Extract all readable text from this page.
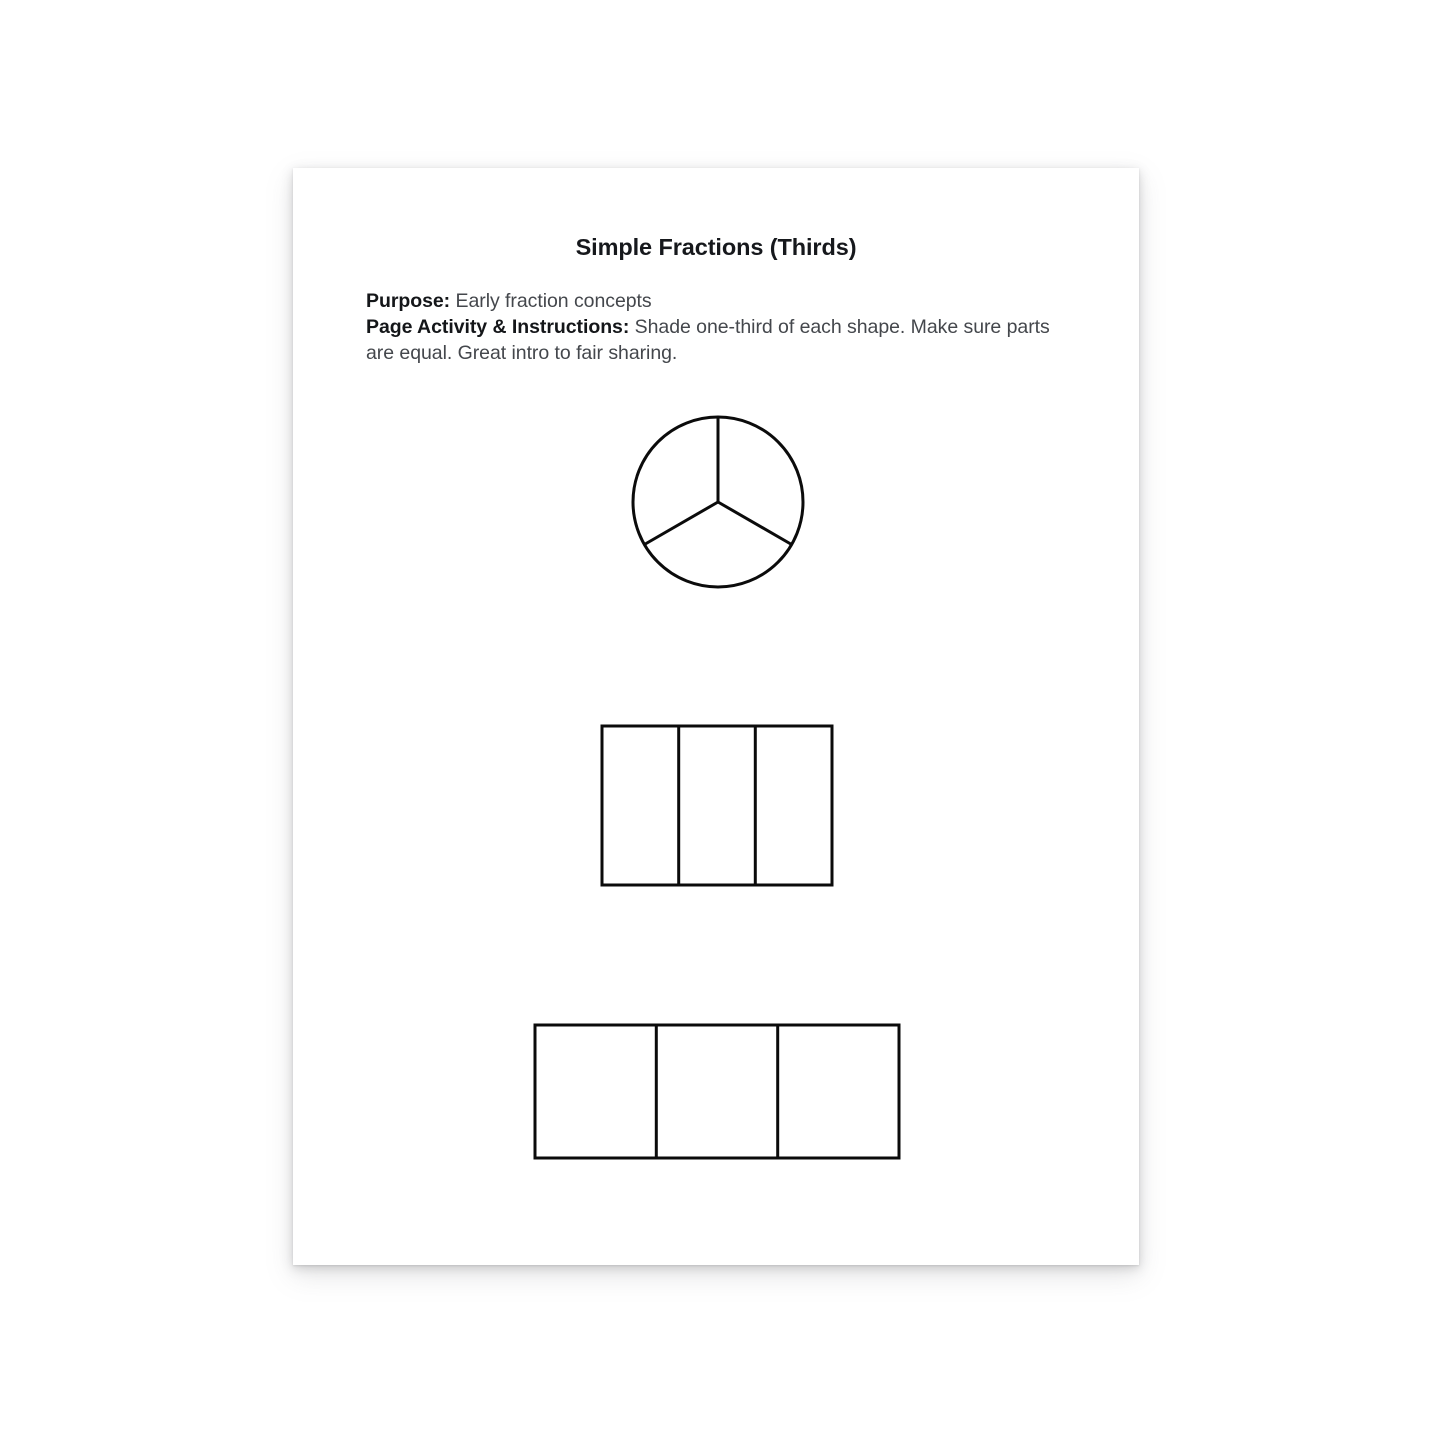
Simple Fractions (Thirds)
Purpose: Early fraction concepts
Page Activity & Instructions: Shade one-third of each shape. Make sure parts are equal. Great intro to fair sharing.
